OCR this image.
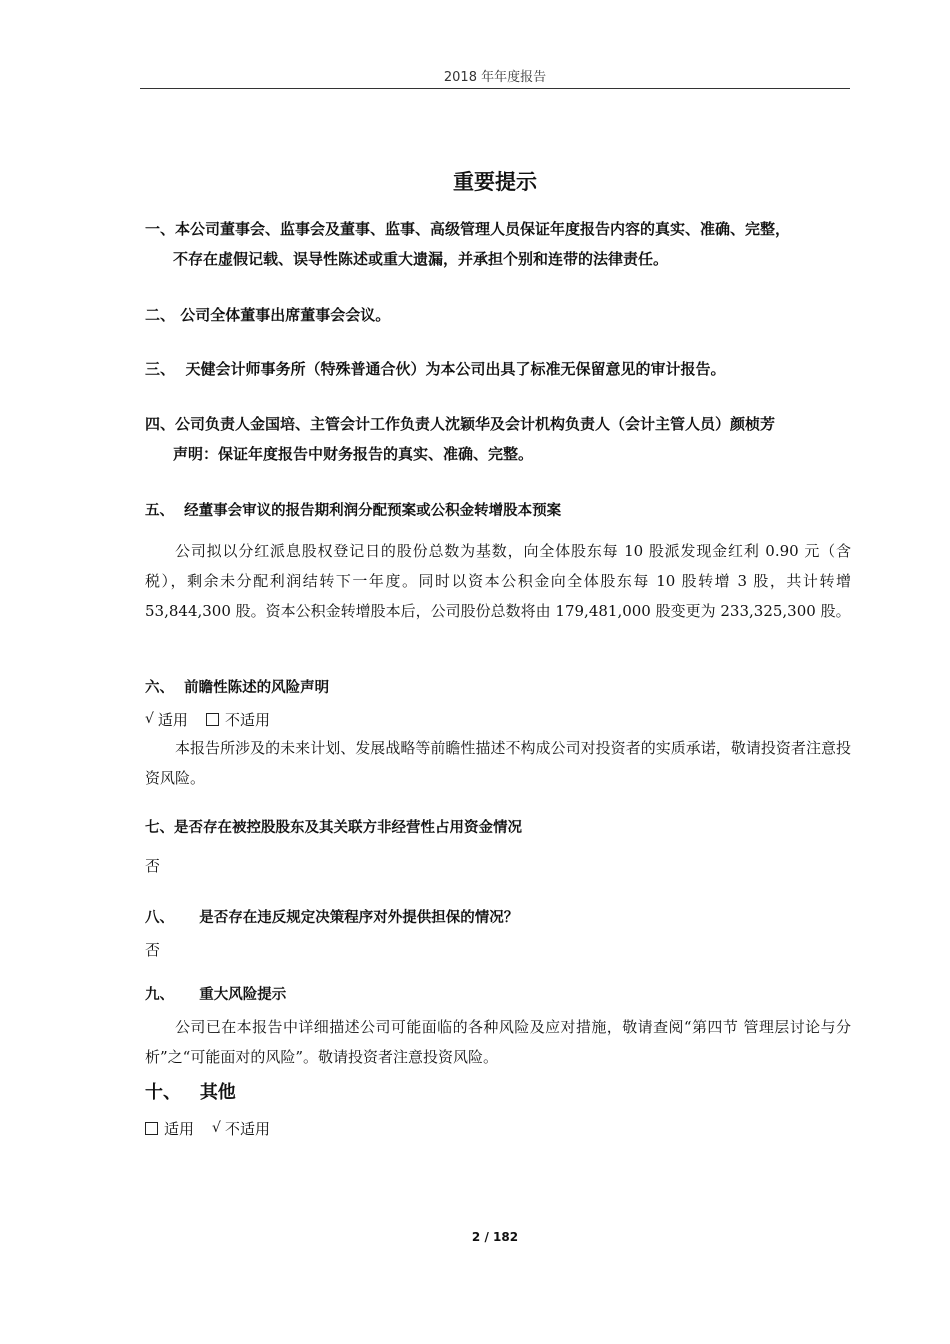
2018 年年度报告
重要提示
一、本公司董事会、监事会及董事、监事、高级管理人员保证年度报告内容的真实、准确、完整，
不存在虚假记载、误导性陈述或重大遗漏，并承担个别和连带的法律责任。
二、 公司全体董事出席董事会会议。
三、 天健会计师事务所（特殊普通合伙）为本公司出具了标准无保留意见的审计报告。
四、公司负责人金国培、主管会计工作负责人沈颖华及会计机构负责人（会计主管人员）颜桢芳
声明：保证年度报告中财务报告的真实、准确、完整。
五、 经董事会审议的报告期利润分配预案或公积金转增股本预案
公司拟以分红派息股权登记日的股份总数为基数，向全体股东每 10 股派发现金红利 0.90 元（含税），剩余未分配利润结转下一年度。同时以资本公积金向全体股东每 10 股转增 3 股，共计转增 53,844,300 股。资本公积金转增股本后，公司股份总数将由 179,481,000 股变更为 233,325,300 股。
六、 前瞻性陈述的风险声明
√ 适用 不适用
本报告所涉及的未来计划、发展战略等前瞻性描述不构成公司对投资者的实质承诺，敬请投资者注意投资风险。
七、是否存在被控股股东及其关联方非经营性占用资金情况
否
八、 是否存在违反规定决策程序对外提供担保的情况？
否
九、 重大风险提示
公司已在本报告中详细描述公司可能面临的各种风险及应对措施，敬请查阅“第四节 管理层讨论与分析”之“可能面对的风险”。敬请投资者注意投资风险。
十、 其他
适用 √ 不适用
2 / 182
